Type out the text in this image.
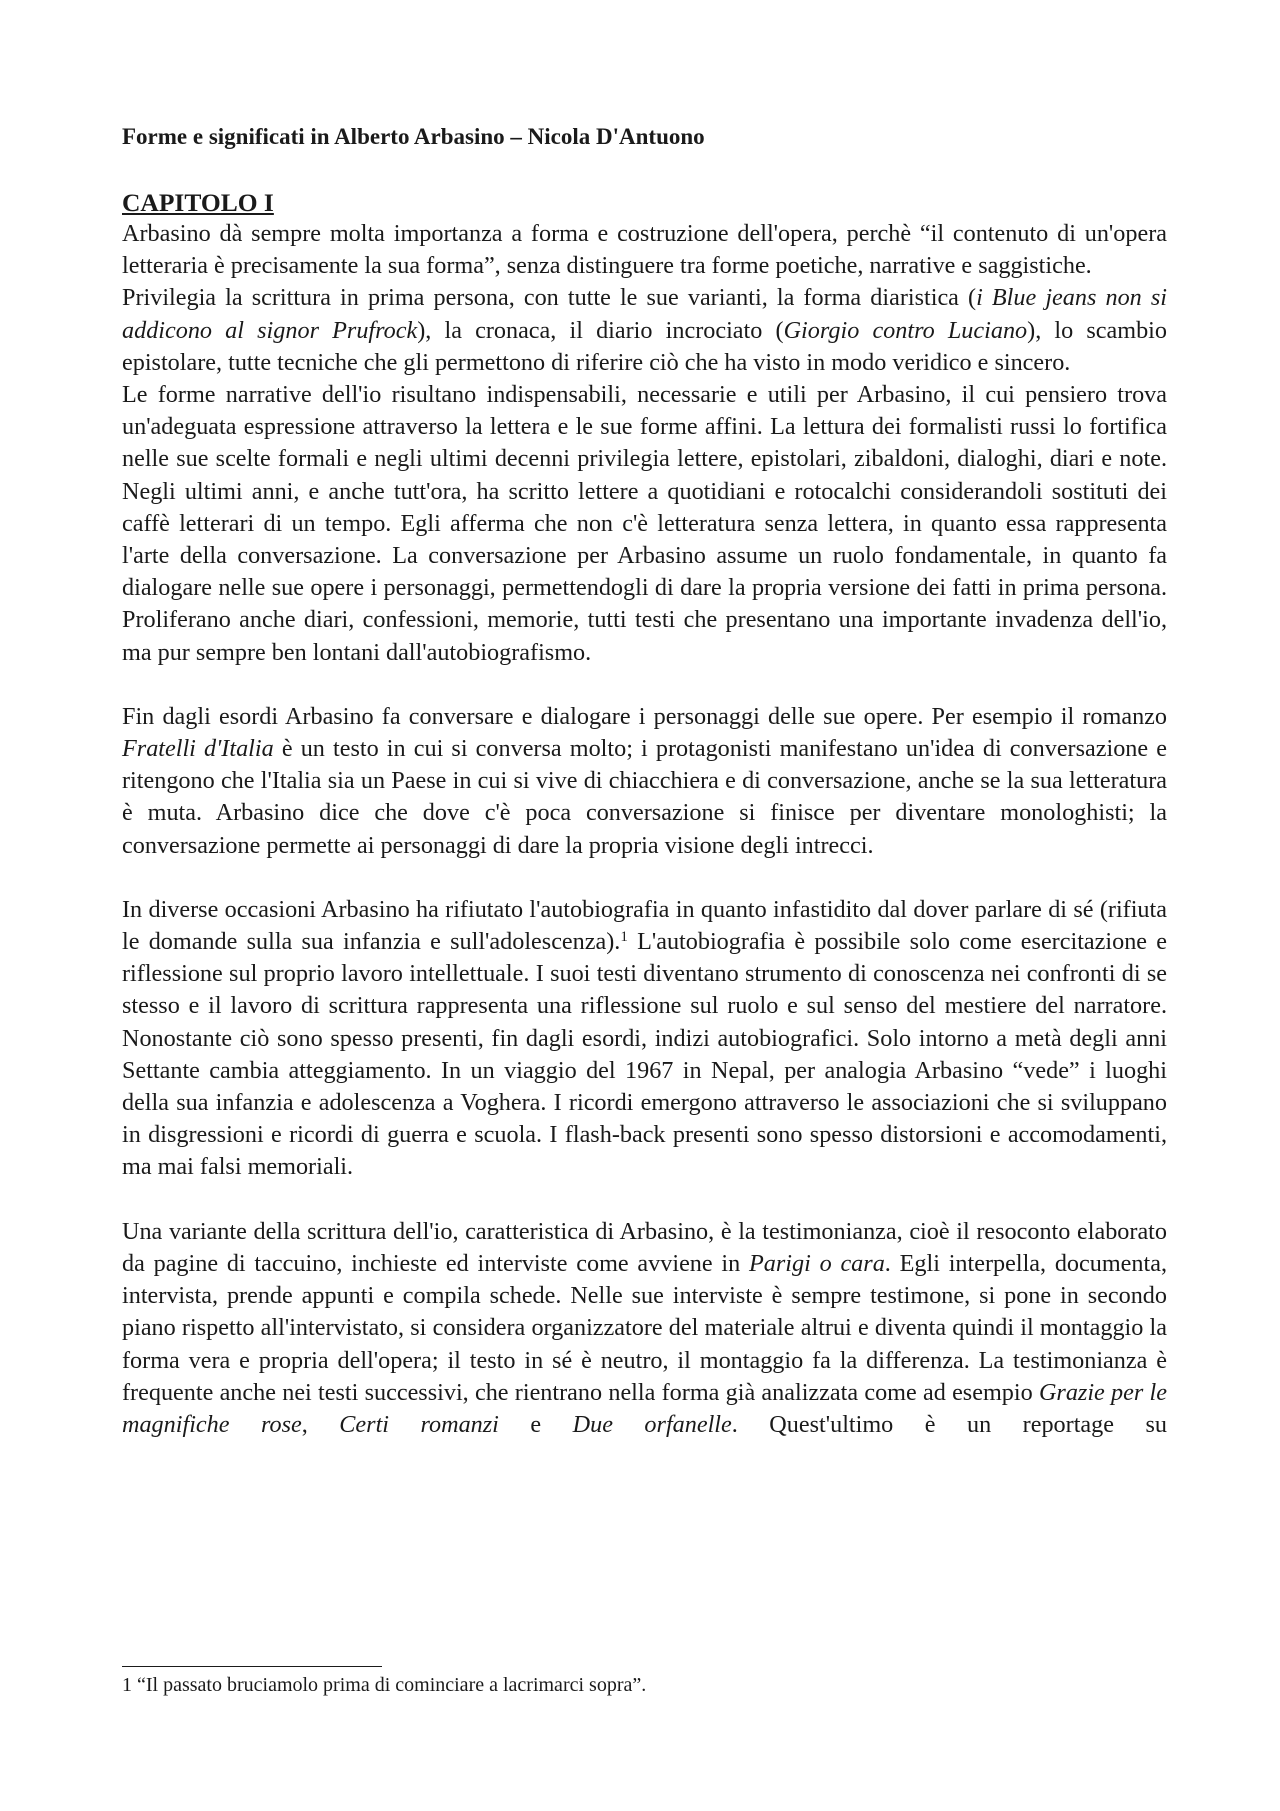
Forme e significati in Alberto Arbasino – Nicola D'Antuono
CAPITOLO I

Arbasino dà sempre molta importanza a forma e costruzione dell'opera, perchè “il contenuto di un'opera letteraria è precisamente la sua forma”, senza distinguere tra forme poetiche, narrative e saggistiche.

Privilegia la scrittura in prima persona, con tutte le sue varianti, la forma diaristica (i Blue jeans non si addicono al signor Prufrock), la cronaca, il diario incrociato (Giorgio contro Luciano), lo scambio epistolare, tutte tecniche che gli permettono di riferire ciò che ha visto in modo veridico e sincero.

Le forme narrative dell'io risultano indispensabili, necessarie e utili per Arbasino, il cui pensiero trova un'adeguata espressione attraverso la lettera e le sue forme affini. La lettura dei formalisti russi lo fortifica nelle sue scelte formali e negli ultimi decenni privilegia lettere, epistolari, zibaldoni, dialoghi, diari e note. Negli ultimi anni, e anche tutt'ora, ha scritto lettere a quotidiani e rotocalchi considerandoli sostituti dei caffè letterari di un tempo. Egli afferma che non c'è letteratura senza lettera, in quanto essa rappresenta l'arte della conversazione. La conversazione per Arbasino assume un ruolo fondamentale, in quanto fa dialogare nelle sue opere i personaggi, permettendogli di dare la propria versione dei fatti in prima persona. Proliferano anche diari, confessioni, memorie, tutti testi che presentano una importante invadenza dell'io, ma pur sempre ben lontani dall'autobiografismo.

Fin dagli esordi Arbasino fa conversare e dialogare i personaggi delle sue opere. Per esempio il romanzo Fratelli d'Italia è un testo in cui si conversa molto; i protagonisti manifestano un'idea di conversazione e ritengono che l'Italia sia un Paese in cui si vive di chiacchiera e di conversazione, anche se la sua letteratura è muta. Arbasino dice che dove c'è poca conversazione si finisce per diventare monologhisti; la conversazione permette ai personaggi di dare la propria visione degli intrecci.

In diverse occasioni Arbasino ha rifiutato l'autobiografia in quanto infastidito dal dover parlare di sé (rifiuta le domande sulla sua infanzia e sull'adolescenza).$^1$ L'autobiografia è possibile solo come esercitazione e riflessione sul proprio lavoro intellettuale. I suoi testi diventano strumento di conoscenza nei confronti di se stesso e il lavoro di scrittura rappresenta una riflessione sul ruolo e sul senso del mestiere del narratore. Nonostante ciò sono spesso presenti, fin dagli esordi, indizi autobiografici. Solo intorno a metà degli anni Settante cambia atteggiamento. In un viaggio del 1967 in Nepal, per analogia Arbasino “vede” i luoghi della sua infanzia e adolescenza a Voghera. I ricordi emergono attraverso le associazioni che si sviluppano in disgressioni e ricordi di guerra e scuola. I flash-back presenti sono spesso distorsioni e accomodamenti, ma mai falsi memoriali.

Una variante della scrittura dell'io, caratteristica di Arbasino, è la testimonianza, cioè il resoconto elaborato da pagine di taccuino, inchieste ed interviste come avviene in Parigi o cara. Egli interpella, documenta, intervista, prende appunti e compila schede. Nelle sue interviste è sempre testimone, si pone in secondo piano rispetto all'intervistato, si considera organizzatore del materiale altrui e diventa quindi il montaggio la forma vera e propria dell'opera; il testo in sé è neutro, il montaggio fa la differenza. La testimonianza è frequente anche nei testi successivi, che rientrano nella forma già analizzata come ad esempio Grazie per le magnifiche rose, Certi romanzi e Due orfanelle. Quest'ultimo è un reportage su

1 “Il passato bruciamolo prima di cominciare a lacrimarci sopra”.
